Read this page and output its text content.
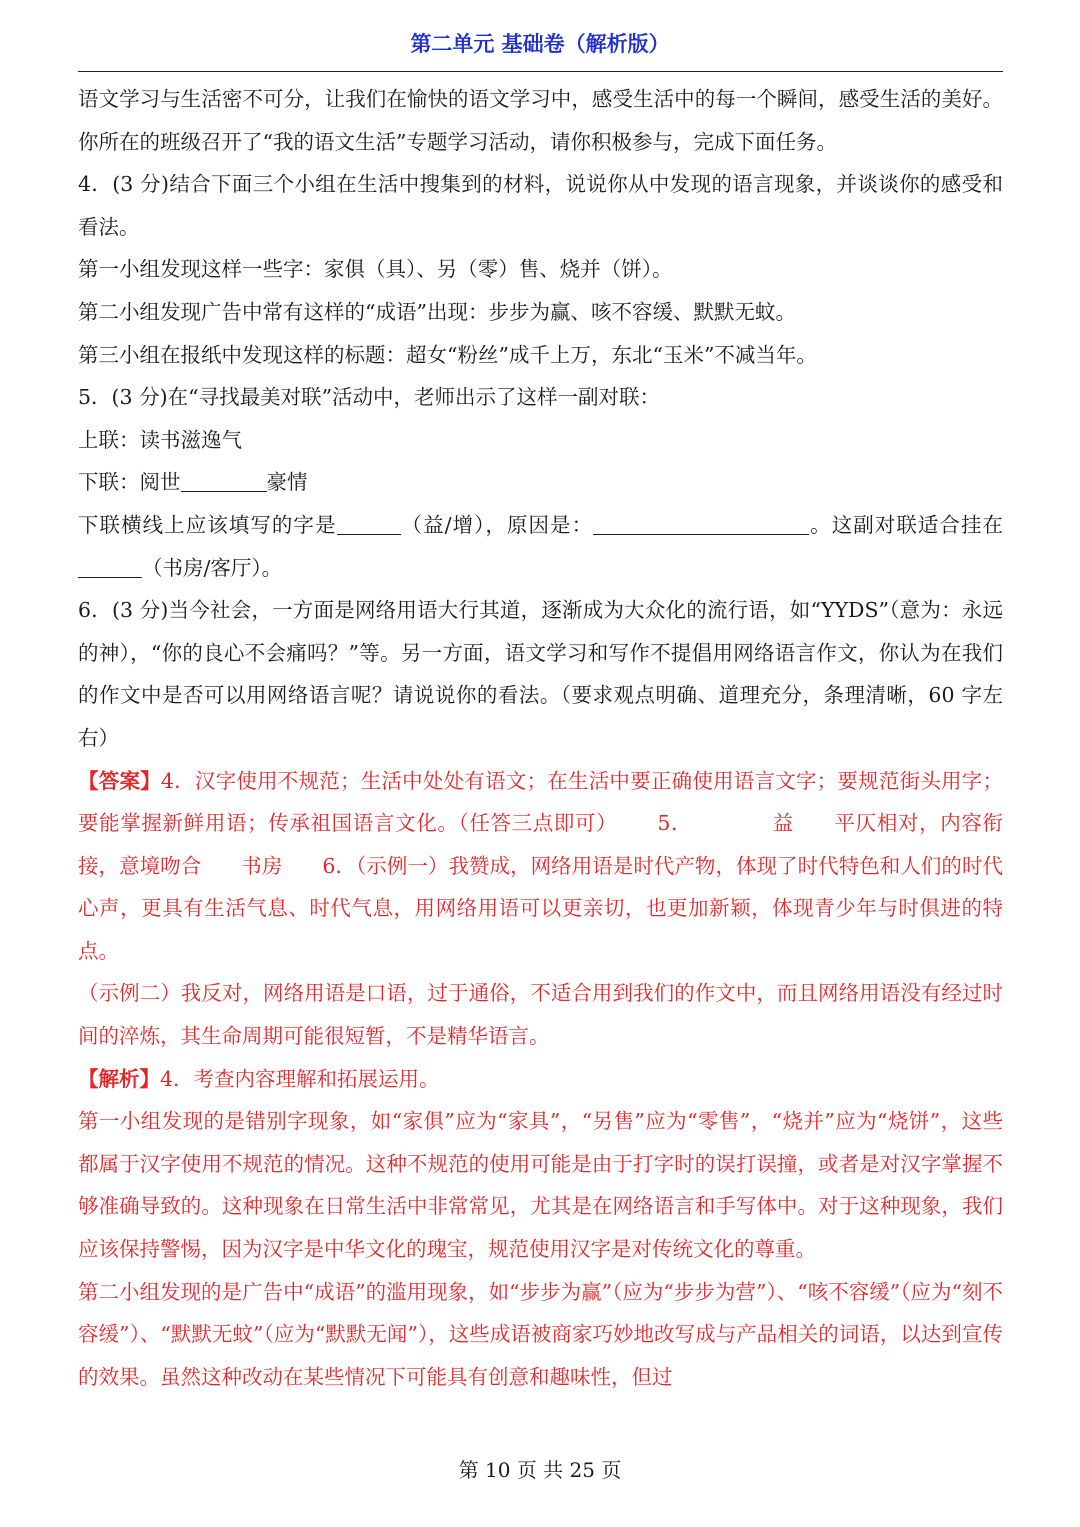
第二单元 基础卷（解析版）

语文学习与生活密不可分，让我们在愉快的语文学习中，感受生活中的每一个瞬间，感受生活的美好。你所在的班级召开了“我的语文生活”专题学习活动，请你积极参与，完成下面任务。

4．(3 分)结合下面三个小组在生活中搜集到的材料，说说你从中发现的语言现象，并谈谈你的感受和看法。

第一小组发现这样一些字：家俱（具）、另（零）售、烧并（饼）。

第二小组发现广告中常有这样的“成语”出现：步步为赢、咳不容缓、默默无蚊。

第三小组在报纸中发现这样的标题：超女“粉丝”成千上万，东北“玉米”不减当年。

5．(3 分)在“寻找最美对联”活动中，老师出示了这样一副对联：

上联：读书滋逸气

下联：阅世	豪情

下联横线上应该填写的字是	（益/增），原因是：	。这副对联适合挂在（书房/客厅）。

6．(3 分)当今社会，一方面是网络用语大行其道，逐渐成为大众化的流行语，如“YYDS”（意为：永远的神），“你的良心不会痛吗？”等。另一方面，语文学习和写作不提倡用网络语言作文，你认为在我们的作文中是否可以用网络语言呢？请说说你的看法。（要求观点明确、道理充分，条理清晰，60 字左右）

【答案】4．汉字使用不规范；生活中处处有语文；在生活中要正确使用语言文字；要规范街头用字；要能掌握新鲜用语；传承祖国语言文化。（任答三点即可） 5．	益 平仄相对，内容衔接，意境吻合 书房 6．（示例一）我赞成，网络用语是时代产物，体现了时代特色和人们的时代心声，更具有生活气息、时代气息，用网络用语可以更亲切，也更加新颖，体现青少年与时俱进的特点。

（示例二）我反对，网络用语是口语，过于通俗，不适合用到我们的作文中，而且网络用语没有经过时间的淬炼，其生命周期可能很短暂，不是精华语言。

【解析】4．考查内容理解和拓展运用。

第一小组发现的是错别字现象，如“家俱”应为“家具”，“另售”应为“零售”，“烧并”应为“烧饼”，这些都属于汉字使用不规范的情况。这种不规范的使用可能是由于打字时的误打误撞，或者是对汉字掌握不够准确导致的。这种现象在日常生活中非常常见，尤其是在网络语言和手写体中。对于这种现象，我们应该保持警惕，因为汉字是中华文化的瑰宝，规范使用汉字是对传统文化的尊重。

第二小组发现的是广告中“成语”的滥用现象，如“步步为赢”（应为“步步为营”）、“咳不容缓”（应为“刻不容缓”）、“默默无蚊”（应为“默默无闻”），这些成语被商家巧妙地改写成与产品相关的词语，以达到宣传的效果。虽然这种改动在某些情况下可能具有创意和趣味性，但过

第 10 页 共 25 页
